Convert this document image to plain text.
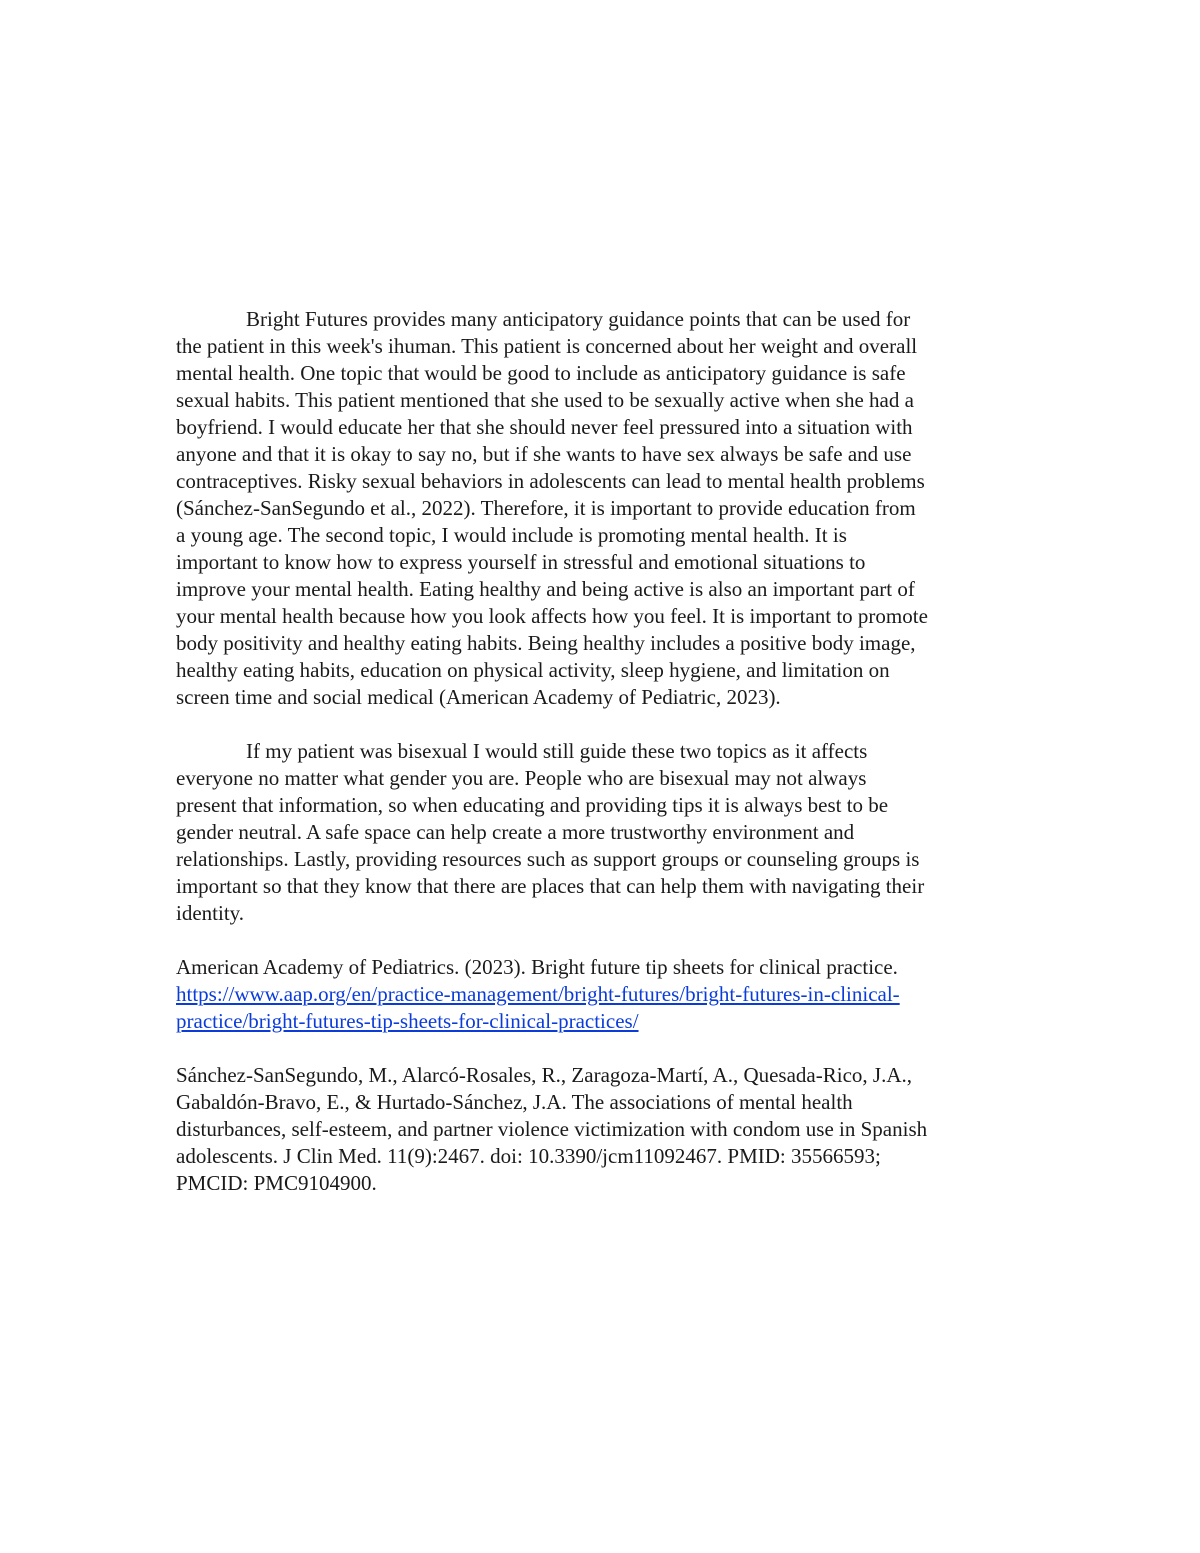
Bright Futures provides many anticipatory guidance points that can be used for
the patient in this week's ihuman. This patient is concerned about her weight and overall
mental health. One topic that would be good to include as anticipatory guidance is safe
sexual habits. This patient mentioned that she used to be sexually active when she had a
boyfriend. I would educate her that she should never feel pressured into a situation with
anyone and that it is okay to say no, but if she wants to have sex always be safe and use
contraceptives. Risky sexual behaviors in adolescents can lead to mental health problems
(Sánchez-SanSegundo et al., 2022). Therefore, it is important to provide education from
a young age. The second topic, I would include is promoting mental health. It is
important to know how to express yourself in stressful and emotional situations to
improve your mental health. Eating healthy and being active is also an important part of
your mental health because how you look affects how you feel. It is important to promote
body positivity and healthy eating habits. Being healthy includes a positive body image,
healthy eating habits, education on physical activity, sleep hygiene, and limitation on
screen time and social medical (American Academy of Pediatric, 2023).
If my patient was bisexual I would still guide these two topics as it affects
everyone no matter what gender you are. People who are bisexual may not always
present that information, so when educating and providing tips it is always best to be
gender neutral. A safe space can help create a more trustworthy environment and
relationships. Lastly, providing resources such as support groups or counseling groups is
important so that they know that there are places that can help them with navigating their
identity.
American Academy of Pediatrics. (2023). Bright future tip sheets for clinical practice.
https://www.aap.org/en/practice-management/bright-futures/bright-futures-in-clinical-
practice/bright-futures-tip-sheets-for-clinical-practices/
Sánchez-SanSegundo, M., Alarcó-Rosales, R., Zaragoza-Martí, A., Quesada-Rico, J.A.,
Gabaldón-Bravo, E., & Hurtado-Sánchez, J.A. The associations of mental health
disturbances, self-esteem, and partner violence victimization with condom use in Spanish
adolescents. J Clin Med. 11(9):2467. doi: 10.3390/jcm11092467. PMID: 35566593;
PMCID: PMC9104900.
